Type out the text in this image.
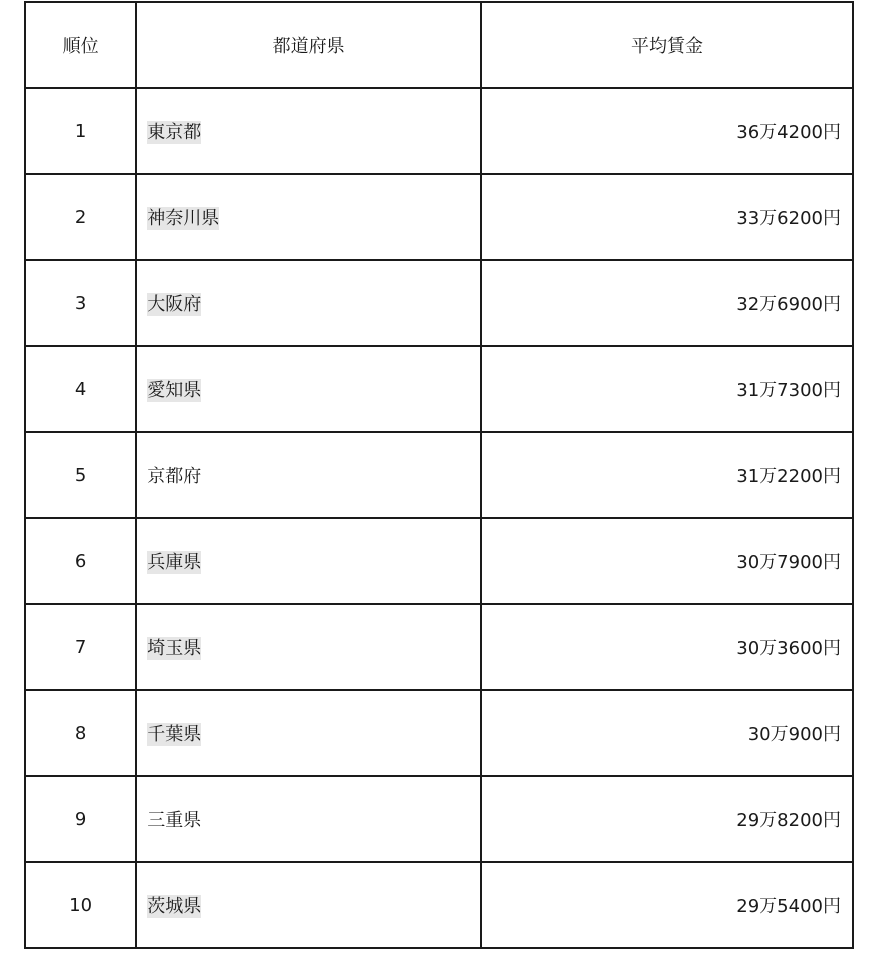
順位	都道府県	平均賃金
1	東京都	36万4200円
2	神奈川県	33万6200円
3	大阪府	32万6900円
4	愛知県	31万7300円
5	京都府	31万2200円
6	兵庫県	30万7900円
7	埼玉県	30万3600円
8	千葉県	30万900円
9	三重県	29万8200円
10	茨城県	29万5400円
